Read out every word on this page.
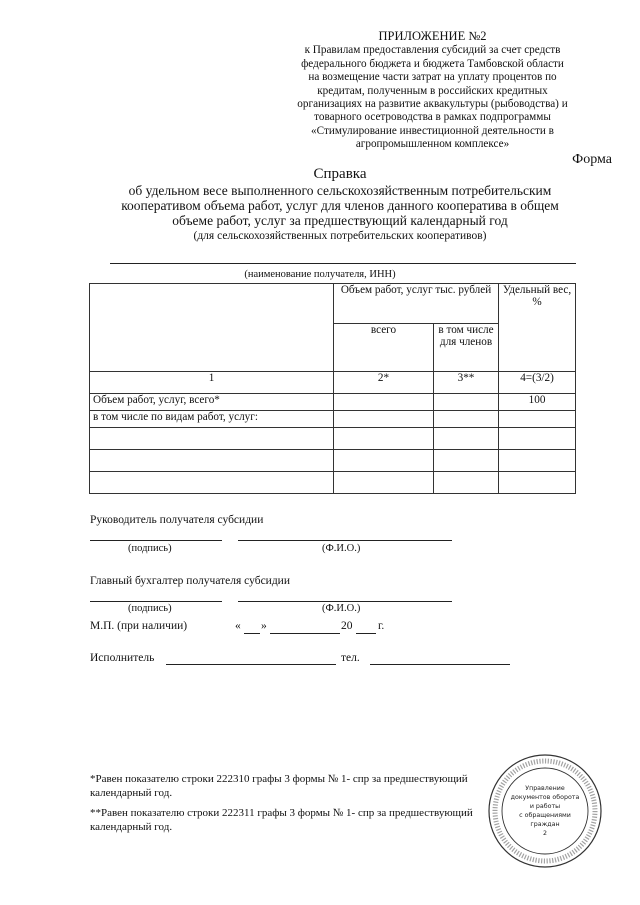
ПРИЛОЖЕНИЕ №2
к Правилам предоставления субсидий за счет средств
федерального бюджета и бюджета Тамбовской области
на возмещение части затрат на уплату процентов по
кредитам, полученным в российских кредитных
организациях на развитие аквакультуры (рыбоводства) и
товарного осетроводства в рамках подпрограммы
«Стимулирование инвестиционной деятельности в
агропромышленном комплексе»
Форма
Справка
об удельном весе выполненного сельскохозяйственным потребительским
кооперативом объема работ, услуг для членов данного кооператива в общем
объеме работ, услуг за предшествующий календарный год
(для сельскохозяйственных потребительских кооперативов)
(наименование получателя, ИНН)
	Объем работ, услуг тыс. рублей		Удельный вес, %
	всего	в том числе для членов	
1	2*	3**	4=(3/2)
Объем работ, услуг, всего*			100
в том числе по видам работ, услуг:			

Руководитель получателя субсидии
(подпись)	(Ф.И.О.)
Главный бухгалтер получателя субсидии
(подпись)	(Ф.И.О.)
М.П. (при наличии)	« »	20 г.
Исполнитель	тел.
*Равен показателю строки 222310 графы 3 формы № 1- спр за предшествующий
календарный год.
**Равен показателю строки 222311 графы 3 формы № 1- спр за предшествующий
календарный год.
Управление
документов оборота
и работы
с обращениями
граждан
2
